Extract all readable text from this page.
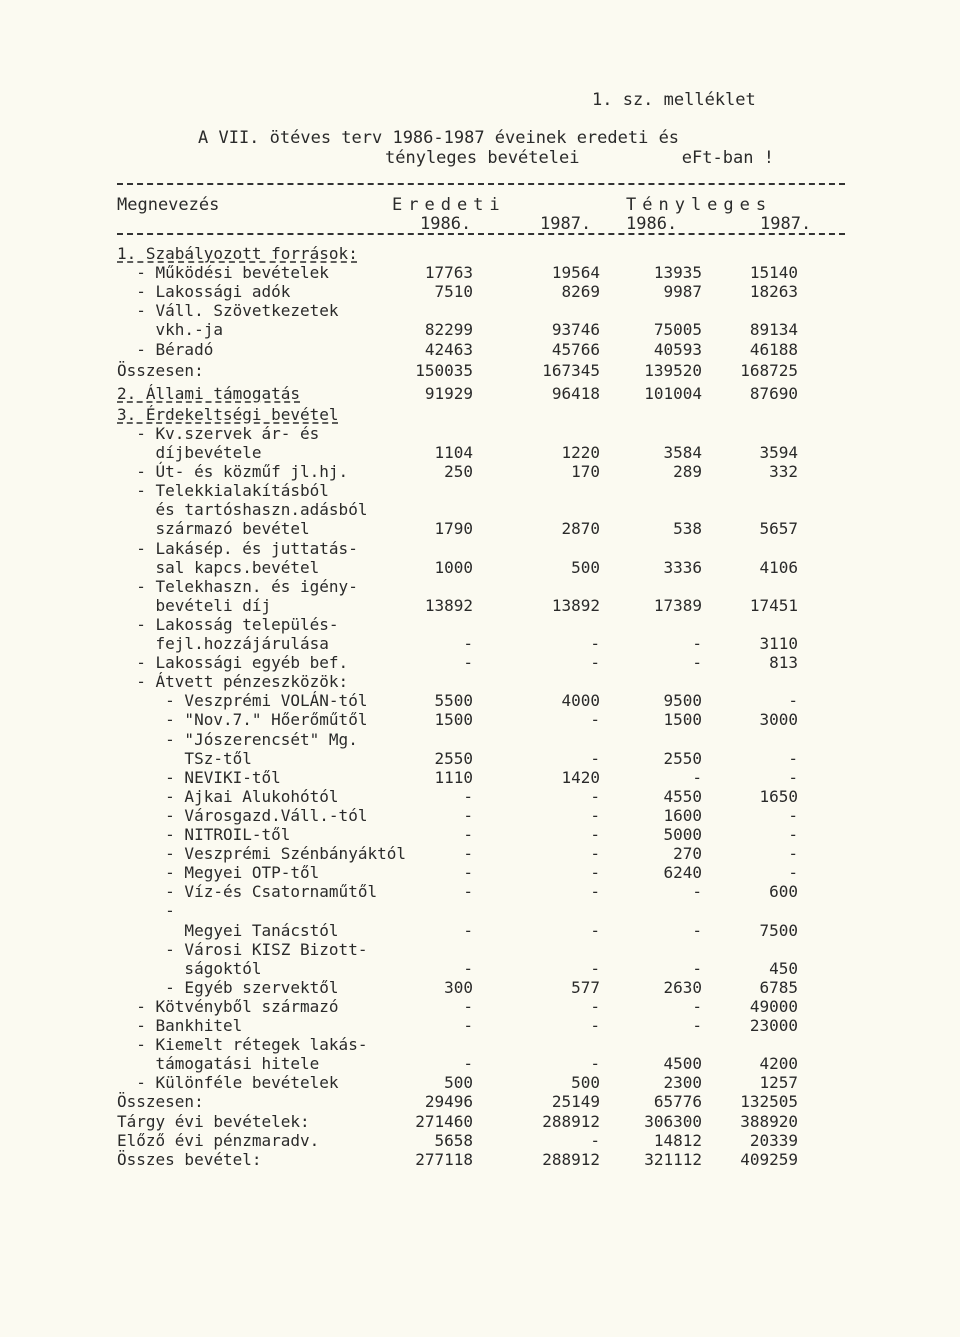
1. sz. melléklet
A VII. ötéves terv 1986-1987 éveinek eredeti és
tényleges bevételei          eFt-ban !
Megnevezés	Eredeti	Tényleges
1986.	1987. 1986.	1987.
1. Szabályozott források:
- Működési bevételek	17763	19564	13935	15140
- Lakossági adók	7510	8269	9987	18263
- Váll. Szövetkezetek
vkh.-ja	82299	93746	75005	89134
- Béradó	42463	45766	40593	46188
Összesen:	150035	167345	139520 168725
2. Állami támogatás	91929	96418	101004	87690
3. Érdekeltségi bevétel
- Kv.szervek ár- és
díjbevétele	1104	1220	3584	3594
- Út- és közműf jl.hj.	250	170	289	332
- Telekkialakításból
és tartóshaszn.adásból
származó bevétel	1790	2870	538	5657
- Lakásép. és juttatás-
sal kapcs.bevétel	1000	500	3336	4106
- Telekhaszn. és igény-
bevételi díj	13892	13892	17389	17451
- Lakosság település-
fejl.hozzájárulása	-	-	-	3110
- Lakossági egyéb bef.	-	-	-	813
- Átvett pénzeszközök:
- Veszprémi VOLÁN-tól	5500	4000	9500	-
- "Nov.7." Hőerőműtől	1500	-	1500	3000
- "Jószerencsét" Mg.
TSz-től	2550	-	2550	-
- NEVIKI-től	1110	1420	-	-
- Ajkai Alukohótól	-	-	4550	1650
- Városgazd.Váll.-tól	-	-	1600	-
- NITROIL-től	-	-	5000	-
- Veszprémi Szénbányáktól	-	-	270	-
- Megyei OTP-től	-	-	6240	-
- Víz-és Csatornaműtől	-	-	-	600
-
Megyei Tanácstól	-	-	-	7500
- Városi KISZ Bizott-
ságoktól	-	-	-	450
- Egyéb szervektől	300	577	2630	6785
- Kötvényből származó	-	-	-	49000
- Bankhitel	-	-	-	23000
- Kiemelt rétegek lakás-
támogatási hitele	-	-	4500	4200
- Különféle bevételek	500	500	2300	1257
Összesen:	29496	25149	65776 132505
Tárgy évi bevételek:	271460	288912	306300 388920
Előző évi pénzmaradv.	5658	-	14812	20339
Összes bevétel:	277118	288912	321112 409259
